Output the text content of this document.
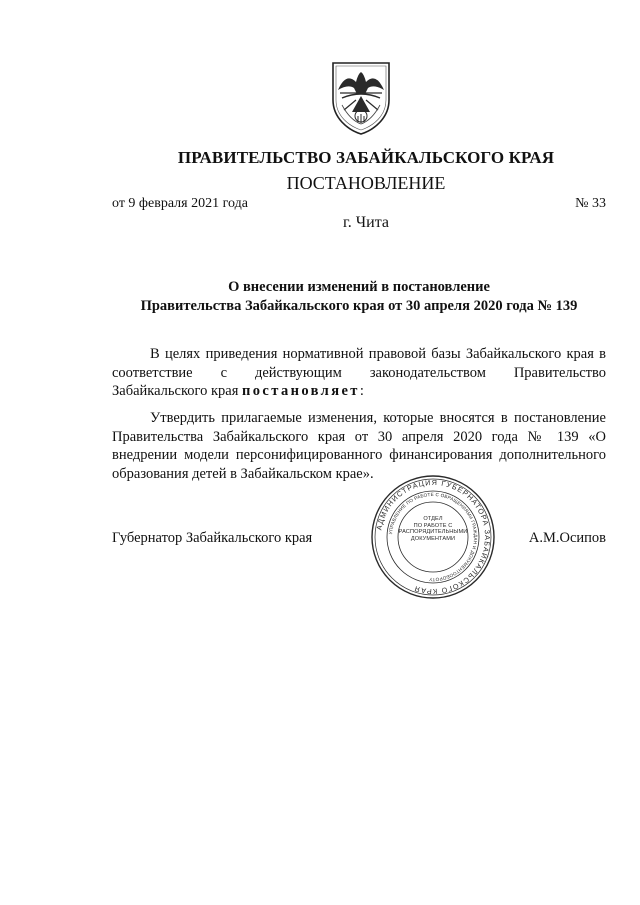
ПРАВИТЕЛЬСТВО ЗАБАЙКАЛЬСКОГО КРАЯ
ПОСТАНОВЛЕНИЕ
от 9 февраля 2021 года	№ 33
г. Чита
О внесении изменений в постановление
Правительства Забайкальского края от 30 апреля 2020 года № 139
В целях приведения нормативной правовой базы Забайкальского края в соответствие с действующим законодательством Правительство Забайкальского края постановляет:
Утвердить прилагаемые изменения, которые вносятся в постановление Правительства Забайкальского края от 30 апреля 2020 года № 139 «О внедрении модели персонифицированного финансирования дополнительного образования детей в Забайкальском крае».
Губернатор Забайкальского края	А.М.Осипов
АДМИНИСТРАЦИЯ ГУБЕРНАТОРА ЗАБАЙКАЛЬСКОГО КРАЯ
УПРАВЛЕНИЕ ПО РАБОТЕ С ОБРАЩЕНИЯМИ ГРАЖДАН И ДОКУМЕНТООБОРОТУ
ОТДЕЛ
ПО РАБОТЕ С
РАСПОРЯДИТЕЛЬНЫМИ
ДОКУМЕНТАМИ
